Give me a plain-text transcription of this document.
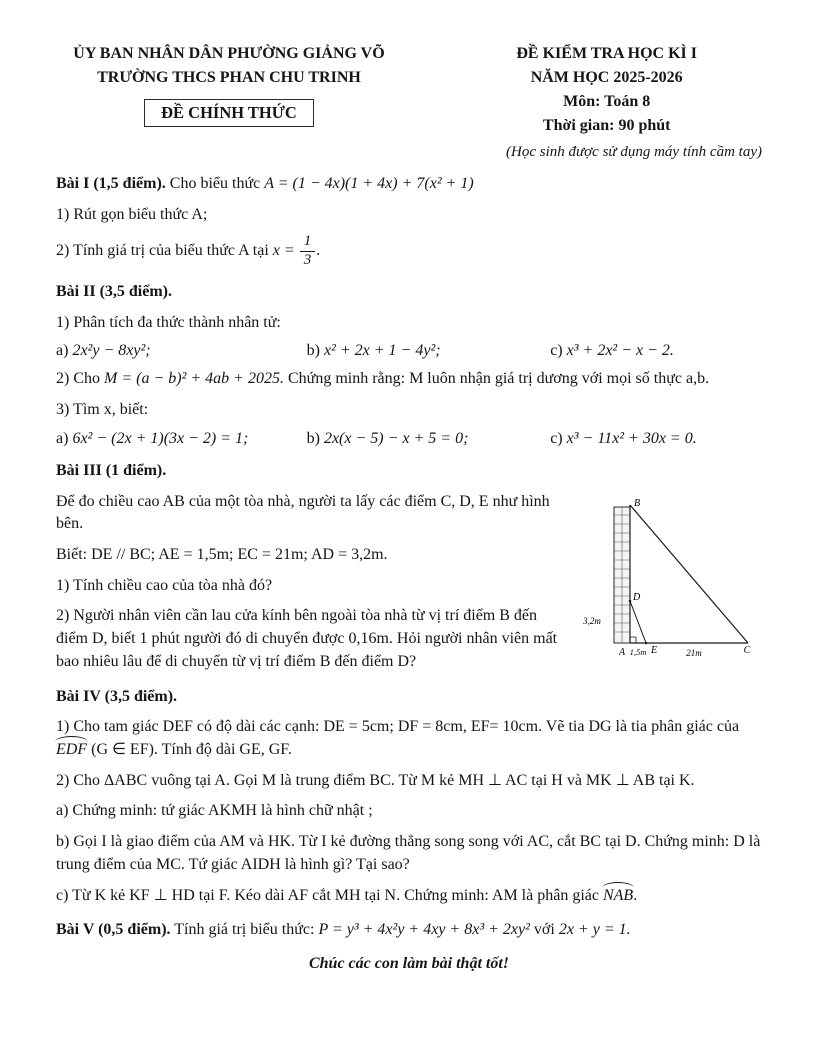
ỦY BAN NHÂN DÂN PHƯỜNG GIẢNG VÕ
TRƯỜNG THCS PHAN CHU TRINH
ĐỀ CHÍNH THỨC
ĐỀ KIỂM TRA HỌC KÌ I
NĂM HỌC 2025-2026
Môn: Toán 8
Thời gian: 90 phút
(Học sinh được sử dụng máy tính cầm tay)

Bài I (1,5 điểm). Cho biểu thức A = (1 − 4x)(1 + 4x) + 7(x² + 1)

1) Rút gọn biểu thức A;

2) Tính giá trị của biểu thức A tại $x = \frac{1}{3}$ .

Bài II (3,5 điểm).

1) Phân tích đa thức thành nhân tử:

a) 2x²y − 8xy²;	b) x² + 2x + 1 − 4y²;	c) x³ + 2x² − x − 2.

2) Cho M = (a − b)² + 4ab + 2025. Chứng minh rằng: M luôn nhận giá trị dương với mọi số thực a,b.

3) Tìm x, biết:

a) 6x² − (2x + 1)(3x − 2) = 1;	b) 2x(x − 5) − x + 5 = 0;	c) x³ − 11x² + 30x = 0.

Bài III (1 điểm).

B
D
3,2m
A 1,5m E	21m	C

Để đo chiều cao AB của một tòa nhà, người ta lấy các điểm C, D, E như hình bên.

Biết: DE // BC; AE = 1,5m; EC = 21m; AD = 3,2m.

1) Tính chiều cao của tòa nhà đó?

2) Người nhân viên cần lau cửa kính bên ngoài tòa nhà từ vị trí điểm B đến điểm D, biết 1 phút người đó di chuyển được 0,16m. Hỏi người nhân viên mất bao nhiêu lâu để di chuyển từ vị trí điểm B đến điểm D?

Bài IV (3,5 điểm).

1) Cho tam giác DEF có độ dài các cạnh: DE = 5cm; DF = 8cm, EF= 10cm. Vẽ tia DG là tia phân giác của EDF (G ∈ EF). Tính độ dài GE, GF.

2) Cho ΔABC vuông tại A. Gọi M là trung điểm BC. Từ M kẻ MH ⊥ AC tại H và MK ⊥ AB tại K.

a) Chứng minh: tứ giác AKMH là hình chữ nhật ;

b) Gọi I là giao điểm của AM và HK. Từ I kẻ đường thẳng song song với AC, cắt BC tại D. Chứng minh: D là trung điểm của MC. Tứ giác AIDH là hình gì? Tại sao?

c) Từ K kẻ KF ⊥ HD tại F. Kéo dài AF cắt MH tại N. Chứng minh: AM là phân giác NAB.

Bài V (0,5 điểm). Tính giá trị biểu thức: P = y³ + 4x²y + 4xy + 8x³ + 2xy² với 2x + y = 1.

Chúc các con làm bài thật tốt!
